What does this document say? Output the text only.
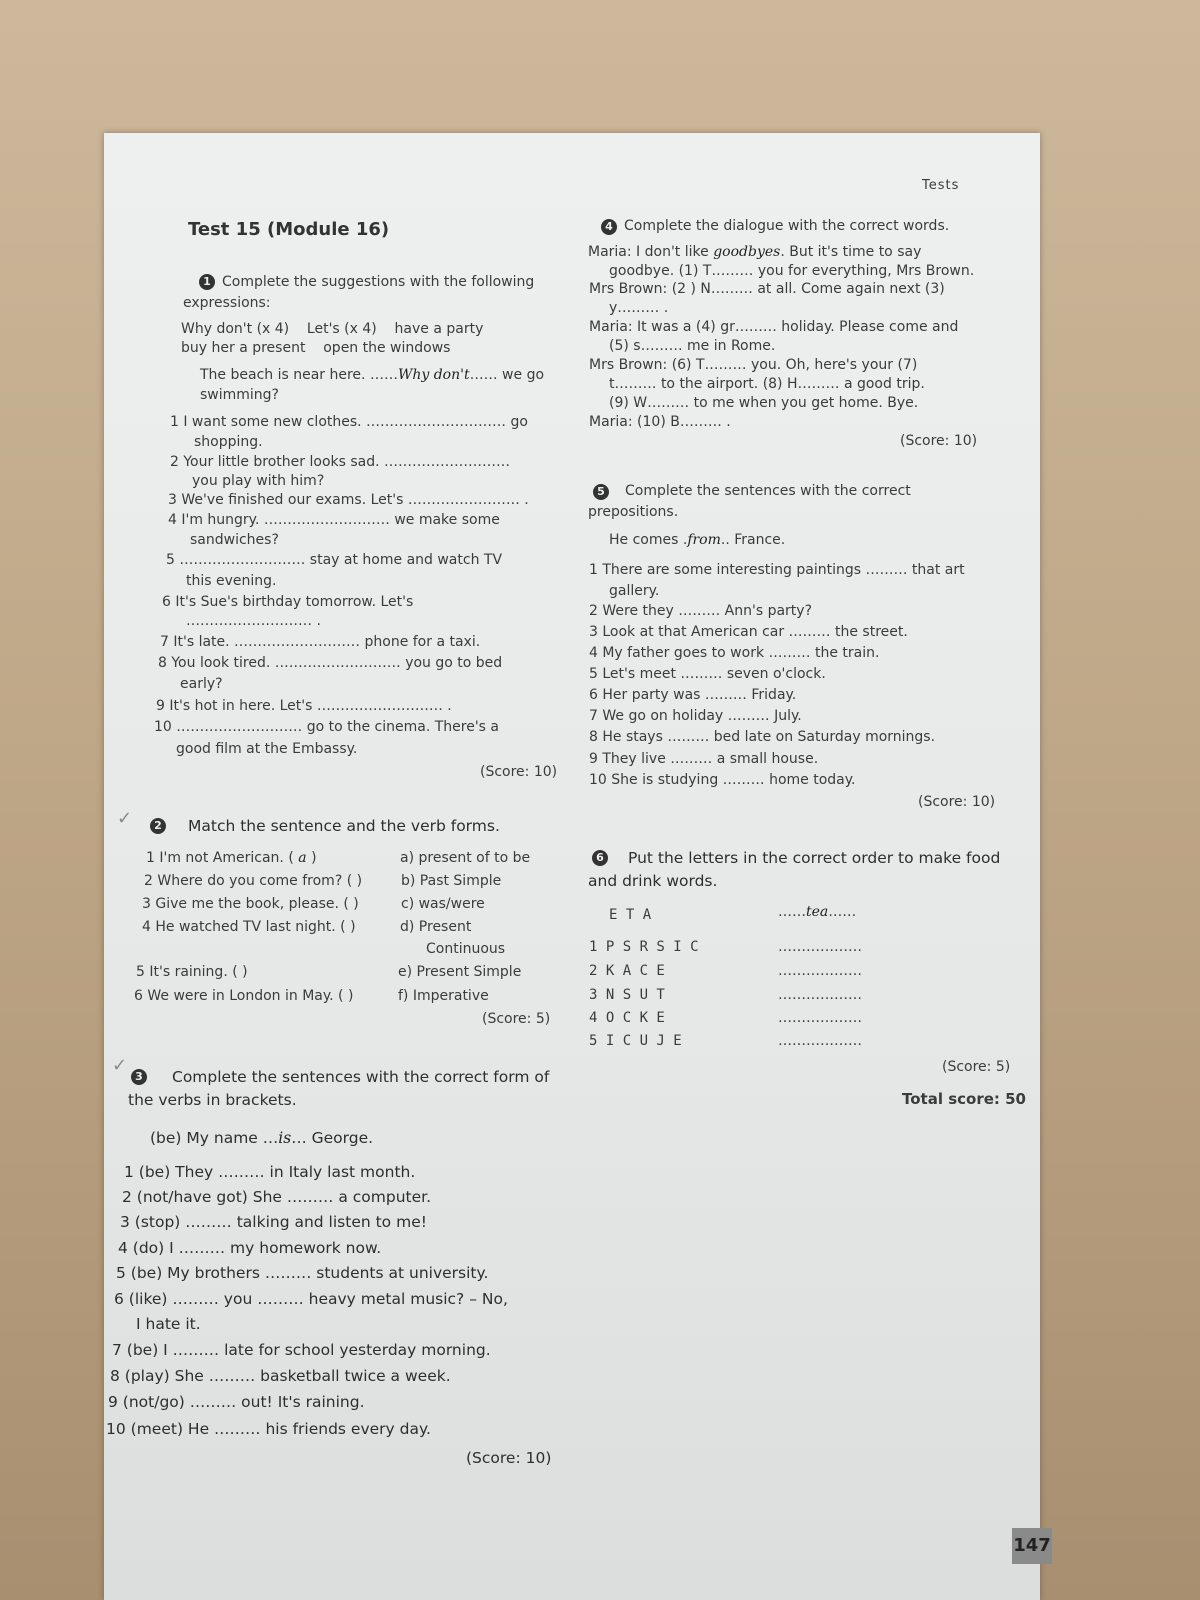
Tests
Test 15 (Module 16)
1 Complete the suggestions with the following
expressions:
Why don't (x 4)    Let's (x 4)    have a party
buy her a present    open the windows
The beach is near here. ……Why don't…… we go
swimming?
1 I want some new clothes. ………………………… go
shopping.
2 Your little brother looks sad. ………………………
you play with him?
3 We've finished our exams. Let's …………………… .
4 I'm hungry. ……………………… we make some
sandwiches?
5 ……………………… stay at home and watch TV
this evening.
6 It's Sue's birthday tomorrow. Let's
……………………… .
7 It's late. ……………………… phone for a taxi.
8 You look tired. ……………………… you go to bed
early?
9 It's hot in here. Let's ……………………… .
10 ……………………… go to the cinema. There's a
good film at the Embassy.
(Score: 10)
✓	2 Match the sentence and the verb forms.
1 I'm not American. ( a )
2 Where do you come from? ( )
3 Give me the book, please. ( )
4 He watched TV last night. ( )
5 It's raining. ( )
6 We were in London in May. ( )
a) present of to be
b) Past Simple
c) was/were
d) Present
Continuous
e) Present Simple
f) Imperative
(Score: 5)
✓
3 Complete the sentences with the correct form of
the verbs in brackets.
(be) My name …is… George.
1 (be) They ……… in Italy last month.
2 (not/have got) She ……… a computer.
3 (stop) ……… talking and listen to me!
4 (do) I ……… my homework now.
5 (be) My brothers ……… students at university.
6 (like) ……… you ……… heavy metal music? – No,
I hate it.
7 (be) I ……… late for school yesterday morning.
8 (play) She ……… basketball twice a week.
9 (not/go) ……… out! It's raining.
10 (meet) He ……… his friends every day.
(Score: 10)
4 Complete the dialogue with the correct words.
Maria: I don't like goodbyes. But it's time to say
goodbye. (1) T……… you for everything, Mrs Brown.
Mrs Brown: (2 ) N……… at all. Come again next (3)
y……… .
Maria: It was a (4) gr……… holiday. Please come and
(5) s……… me in Rome.
Mrs Brown: (6) T……… you. Oh, here's your (7)
t……… to the airport. (8) H……… a good trip.
(9) W……… to me when you get home. Bye.
Maria: (10) B……… .
(Score: 10)
5 Complete the sentences with the correct
prepositions.
He comes .from.. France.
1 There are some interesting paintings ……… that art
gallery.
2 Were they ……… Ann's party?
3 Look at that American car ……… the street.
4 My father goes to work ……… the train.
5 Let's meet ……… seven o'clock.
6 Her party was ……… Friday.
7 We go on holiday ……… July.
8 He stays ……… bed late on Saturday mornings.
9 They live ……… a small house.
10 She is studying ……… home today.
(Score: 10)
6 Put the letters in the correct order to make food
and drink words.
E T A	……tea……
1 P S R S I C
2 K A C E
3 N S U T
4 O C K E
5 I C U J E
………………
………………
………………
………………
………………
(Score: 5)
Total score: 50
147
